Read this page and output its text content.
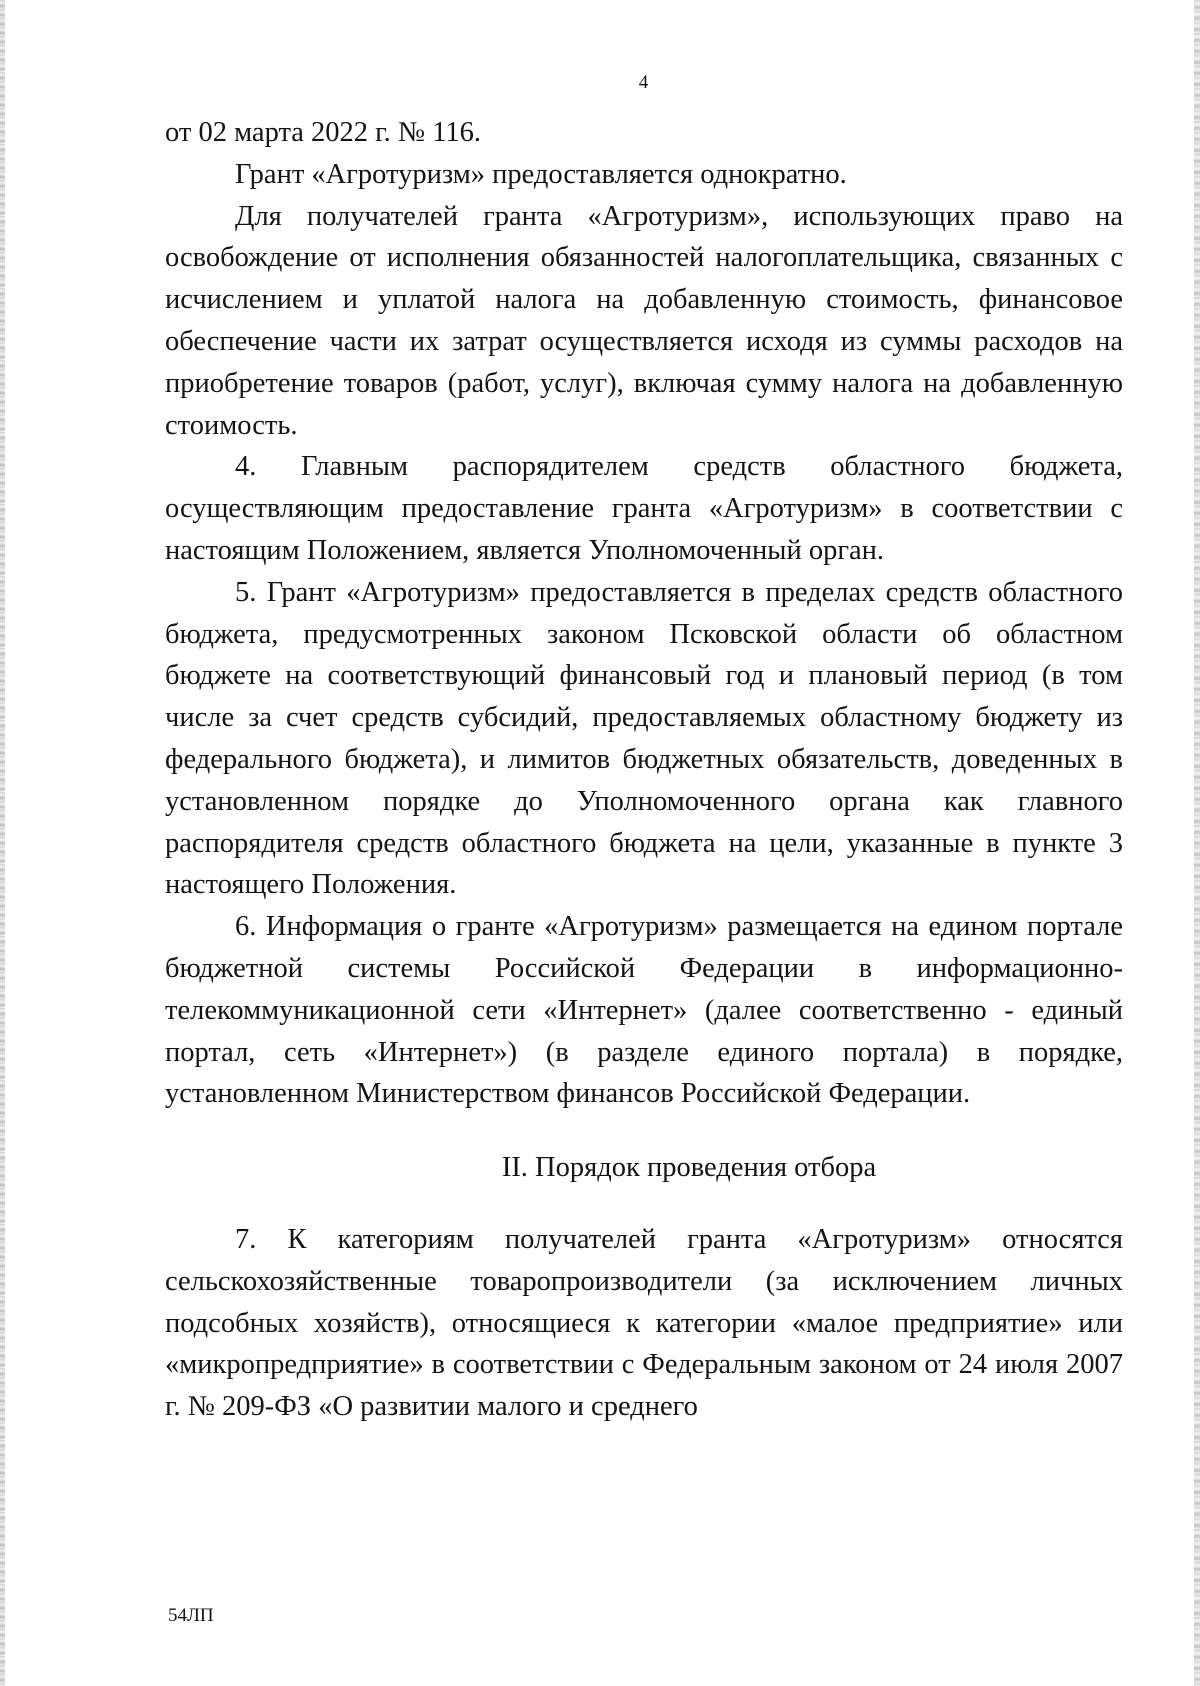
4

от 02 марта 2022 г. № 116.

Грант «Агротуризм» предоставляется однократно.

Для получателей гранта «Агротуризм», использующих право на освобождение от исполнения обязанностей налогоплательщика, связанных с исчислением и уплатой налога на добавленную стоимость, финансовое обеспечение части их затрат осуществляется исходя из суммы расходов на приобретение товаров (работ, услуг), включая сумму налога на добавленную стоимость.

4. Главным распорядителем средств областного бюджета, осуществляющим предоставление гранта «Агротуризм» в соответствии с настоящим Положением, является Уполномоченный орган.

5. Грант «Агротуризм» предоставляется в пределах средств областного бюджета, предусмотренных законом Псковской области об областном бюджете на соответствующий финансовый год и плановый период (в том числе за счет средств субсидий, предоставляемых областному бюджету из федерального бюджета), и лимитов бюджетных обязательств, доведенных в установленном порядке до Уполномоченного органа как главного распорядителя средств областного бюджета на цели, указанные в пункте 3 настоящего Положения.

6. Информация о гранте «Агротуризм» размещается на едином портале бюджетной системы Российской Федерации в информационно-телекоммуникационной сети «Интернет» (далее соответственно - единый портал, сеть «Интернет») (в разделе единого портала) в порядке, установленном Министерством финансов Российской Федерации.

II. Порядок проведения отбора

7. К категориям получателей гранта «Агротуризм» относятся сельскохозяйственные товаропроизводители (за исключением личных подсобных хозяйств), относящиеся к категории «малое предприятие» или «микропредприятие» в соответствии с Федеральным законом от 24 июля 2007 г. № 209-ФЗ «О развитии малого и среднего

54ЛП
